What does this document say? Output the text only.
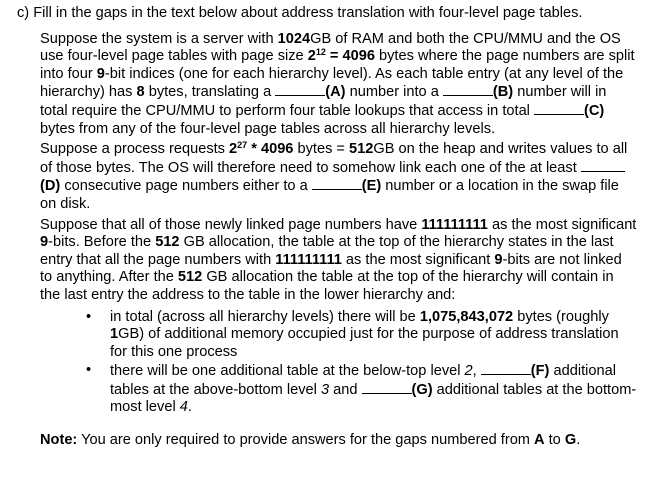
c) Fill in the gaps in the text below about address translation with four-level page tables.
Suppose the system is a server with 1024GB of RAM and both the CPU/MMU and the OS use four-level page tables with page size $2^{12} = 4096$ bytes where the page numbers are split into four 9-bit indices (one for each hierarchy level). As each table entry (at any level of the hierarchy) has 8 bytes, translating a	(A) number into a	(B) number will in total require the CPU/MMU to perform four table lookups that access in total	(C) bytes from any of the four-level page tables across all hierarchy levels.
Suppose a process requests $2^{27} * 4096$ bytes = 512GB on the heap and writes values to all of those bytes. The OS will therefore need to somehow link each one of the at least (D) consecutive page numbers either to a	(E) number or a location in the swap file on disk.
Suppose that all of those newly linked page numbers have 111111111 as the most significant 9-bits. Before the 512 GB allocation, the table at the top of the hierarchy states in the last entry that all the page numbers with 111111111 as the most significant 9-bits are not linked to anything. After the 512 GB allocation the table at the top of the hierarchy will contain in the last entry the address to the table in the lower hierarchy and:
• in total (across all hierarchy levels) there will be 1,075,843,072 bytes (roughly 1GB) of additional memory occupied just for the purpose of address translation for this one process
• there will be one additional table at the below-top level 2,	(F) additional tables at the above-bottom level 3 and	(G) additional tables at the bottom-most level 4.
Note: You are only required to provide answers for the gaps numbered from A to G.
